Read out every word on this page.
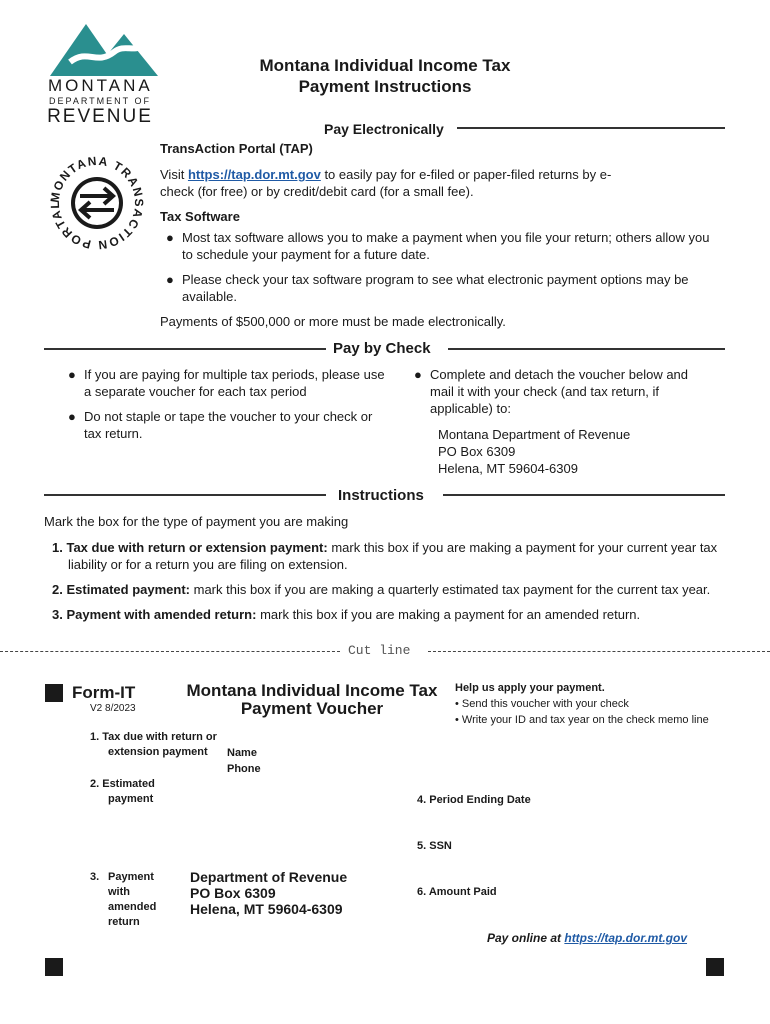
MONTANA
DEPARTMENT OF
REVENUE
Montana Individual Income Tax
Payment Instructions
Pay Electronically
MONTANA TRANSACTION PORTAL
TransAction Portal (TAP)
Visit https://tap.dor.mt.gov to easily pay for e-filed or paper-filed returns by e-check (for free) or by credit/debit card (for a small fee).
Tax Software
● Most tax software allows you to make a payment when you file your return; others allow you to schedule your payment for a future date.
● Please check your tax software program to see what electronic payment options may be available.
Payments of $500,000 or more must be made electronically.
Pay by Check
● If you are paying for multiple tax periods, please use a separate voucher for each tax period
● Do not staple or tape the voucher to your check or tax return.
● Complete and detach the voucher below and mail it with your check (and tax return, if applicable) to:
Montana Department of Revenue
PO Box 6309
Helena, MT 59604-6309
Instructions
Mark the box for the type of payment you are making
1. Tax due with return or extension payment: mark this box if you are making a payment for your current year tax liability or for a return you are filing on extension.
2. Estimated payment: mark this box if you are making a quarterly estimated tax payment for the current tax year.
3. Payment with amended return: mark this box if you are making a payment for an amended return.
Cut line
Form-IT
V2 8/2023
Montana Individual Income Tax
Payment Voucher
Help us apply your payment.
• Send this voucher with your check
• Write your ID and tax year on the check memo line
1. Tax due with return or
extension payment	Name
Phone
2. Estimated
payment	4. Period Ending Date
5. SSN
3. Payment
with
amended
return
Department of Revenue
PO Box 6309
Helena, MT 59604-6309
6. Amount Paid
Pay online at https://tap.dor.mt.gov
